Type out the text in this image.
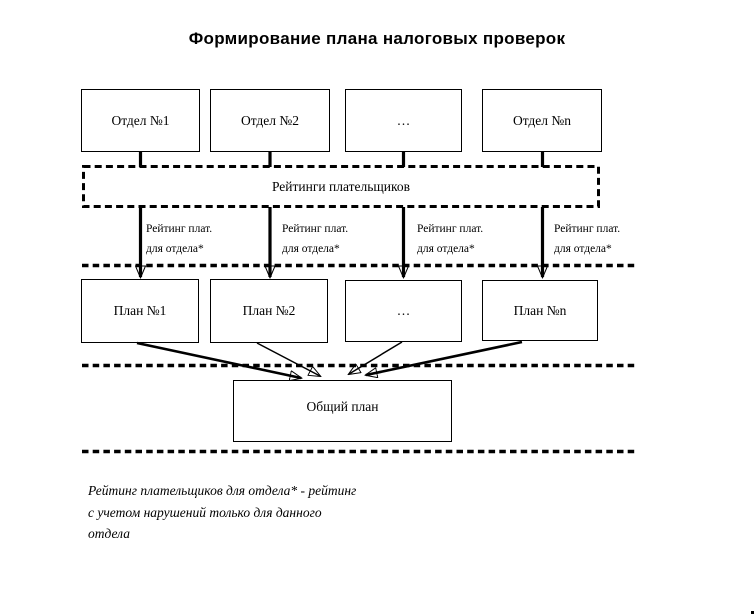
Формирование плана налоговых проверок
Отдел №1	Отдел №2	…	Отдел №n
Рейтинги плательщиков
Рейтинг плат.
для отдела*
Рейтинг плат.
для отдела*
Рейтинг плат.
для отдела*
Рейтинг плат.
для отдела*
План №1	План №2	…	План №n
Общий план
Рейтинг плательщиков для отдела* - рейтинг
с учетом нарушений только для данного
отдела
